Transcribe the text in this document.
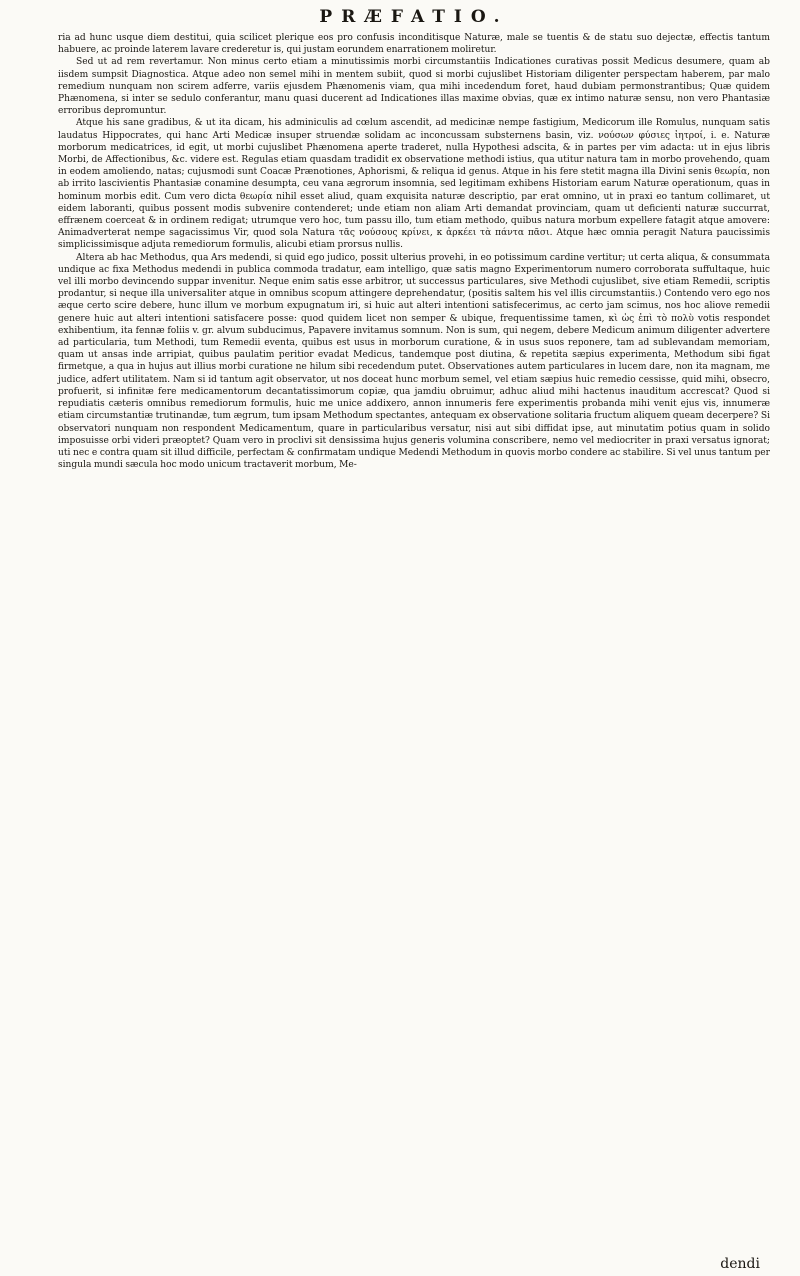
PRÆFATIO.

ria ad hunc usque diem destitui, quia scilicet plerique eos pro confusis inconditisque Naturæ, male se tuentis & de statu suo dejectæ, effectis tantum habuere, ac proinde laterem lavare crederetur is, qui justam eorundem enarrationem moliretur.

Sed ut ad rem revertamur. Non minus certo etiam a minutissimis morbi circumstantiis Indicationes curativas possit Medicus desumere, quam ab iisdem sumpsit Diagnostica. Atque adeo non semel mihi in mentem subiit, quod si morbi cujuslibet Historiam diligenter perspectam haberem, par malo remedium nunquam non scirem adferre, variis ejusdem Phænomenis viam, qua mihi incedendum foret, haud dubiam permonstrantibus; Quæ quidem Phænomena, si inter se sedulo conferantur, manu quasi ducerent ad Indicationes illas maxime obvias, quæ ex intimo naturæ sensu, non vero Phantasiæ erroribus depromuntur.

Atque his sane gradibus, & ut ita dicam, his adminiculis ad cœlum ascendit, ad medicinæ nempe fastigium, Medicorum ille Romulus, nunquam satis laudatus Hippocrates, qui hanc Arti Medicæ insuper struendæ solidam ac inconcussam substernens basin, viz. νούσων φύσιες ἰητροί, i. e. Naturæ morborum medicatrices, id egit, ut morbi cujuslibet Phænomena aperte traderet, nulla Hypothesi adscita, & in partes per vim adacta: ut in ejus libris Morbi, de Affectionibus, &c. videre est. Regulas etiam quasdam tradidit ex observatione methodi istius, qua utitur natura tam in morbo provehendo, quam in eodem amoliendo, natas; cujusmodi sunt Coacæ Prænotiones, Aphorismi, & reliqua id genus. Atque in his fere stetit magna illa Divini senis θεωρία, non ab irrito lascivientis Phantasiæ conamine desumpta, ceu vana ægrorum insomnia, sed legitimam exhibens Historiam earum Naturæ operationum, quas in hominum morbis edit. Cum vero dicta θεωρία nihil esset aliud, quam exquisita naturæ descriptio, par erat omnino, ut in praxi eo tantum collimaret, ut eidem laboranti, quibus possent modis subvenire contenderet; unde etiam non aliam Arti demandat provinciam, quam ut deficienti naturæ succurrat, effrænem coerceat & in ordinem redigat; utrumque vero hoc, tum passu illo, tum etiam methodo, quibus natura morbum expellere fatagit atque amovere: Animadverterat nempe sagacissimus Vir, quod sola Natura τᾶς νούσους κρίνει, κ ἀρκέει τὰ πάντα πᾶσι. Atque hæc omnia peragit Natura paucissimis simplicissimisque adjuta remediorum formulis, alicubi etiam prorsus nullis.

Altera ab hac Methodus, qua Ars medendi, si quid ego judico, possit ulterius provehi, in eo potissimum cardine vertitur; ut certa aliqua, & consummata undique ac fixa Methodus medendi in publica commoda tradatur, eam intelligo, quæ satis magno Experimentorum numero corroborata suffultaque, huic vel illi morbo devincendo suppar invenitur. Neque enim satis esse arbitror, ut successus particulares, sive Methodi cujuslibet, sive etiam Remedii, scriptis prodantur, si neque illa universaliter atque in omnibus scopum attingere deprehendatur, (positis saltem his vel illis circumstantiis.) Contendo vero ego nos æque certo scire debere, hunc illum ve morbum expugnatum iri, si huic aut alteri intentioni satisfecerimus, ac certo jam scimus, nos hoc aliove remedii genere huic aut alteri intentioni satisfacere posse: quod quidem licet non semper & ubique, frequentissime tamen, κὶ ὡς ἐπὶ τὸ πολὺ votis respondet exhibentium, ita fennæ foliis v. gr. alvum subducimus, Papavere invitamus somnum. Non is sum, qui negem, debere Medicum animum diligenter advertere ad particularia, tum Methodi, tum Remedii eventa, quibus est usus in morborum curatione, & in usus suos reponere, tam ad sublevandam memoriam, quam ut ansas inde arripiat, quibus paulatim peritior evadat Medicus, tandemque post diutina, & repetita sæpius experimenta, Methodum sibi figat firmetque, a qua in hujus aut illius morbi curatione ne hilum sibi recedendum putet. Observationes autem particulares in lucem dare, non ita magnam, me judice, adfert utilitatem. Nam si id tantum agit observator, ut nos doceat hunc morbum semel, vel etiam sæpius huic remedio cessisse, quid mihi, obsecro, profuerit, si infinitæ fere medicamentorum decantatissimorum copiæ, qua jamdiu obruimur, adhuc aliud mihi hactenus inauditum accrescat? Quod si repudiatis cæteris omnibus remediorum formulis, huic me unice addixero, annon innumeris fere experimentis probanda mihi venit ejus vis, innumeræ etiam circumstantiæ trutinandæ, tum ægrum, tum ipsam Methodum spectantes, antequam ex observatione solitaria fructum aliquem queam decerpere? Si observatori nunquam non respondent Medicamentum, quare in particularibus versatur, nisi aut sibi diffidat ipse, aut minutatim potius quam in solido imposuisse orbi videri præoptet? Quam vero in proclivi sit densissima hujus generis volumina conscribere, nemo vel mediocriter in praxi versatus ignorat; uti nec e contra quam sit illud difficile, perfectam & confirmatam undique Medendi Methodum in quovis morbo condere ac stabilire. Si vel unus tantum per singula mundi sæcula hoc modo unicum tractaverit morbum, Me-

dendi
